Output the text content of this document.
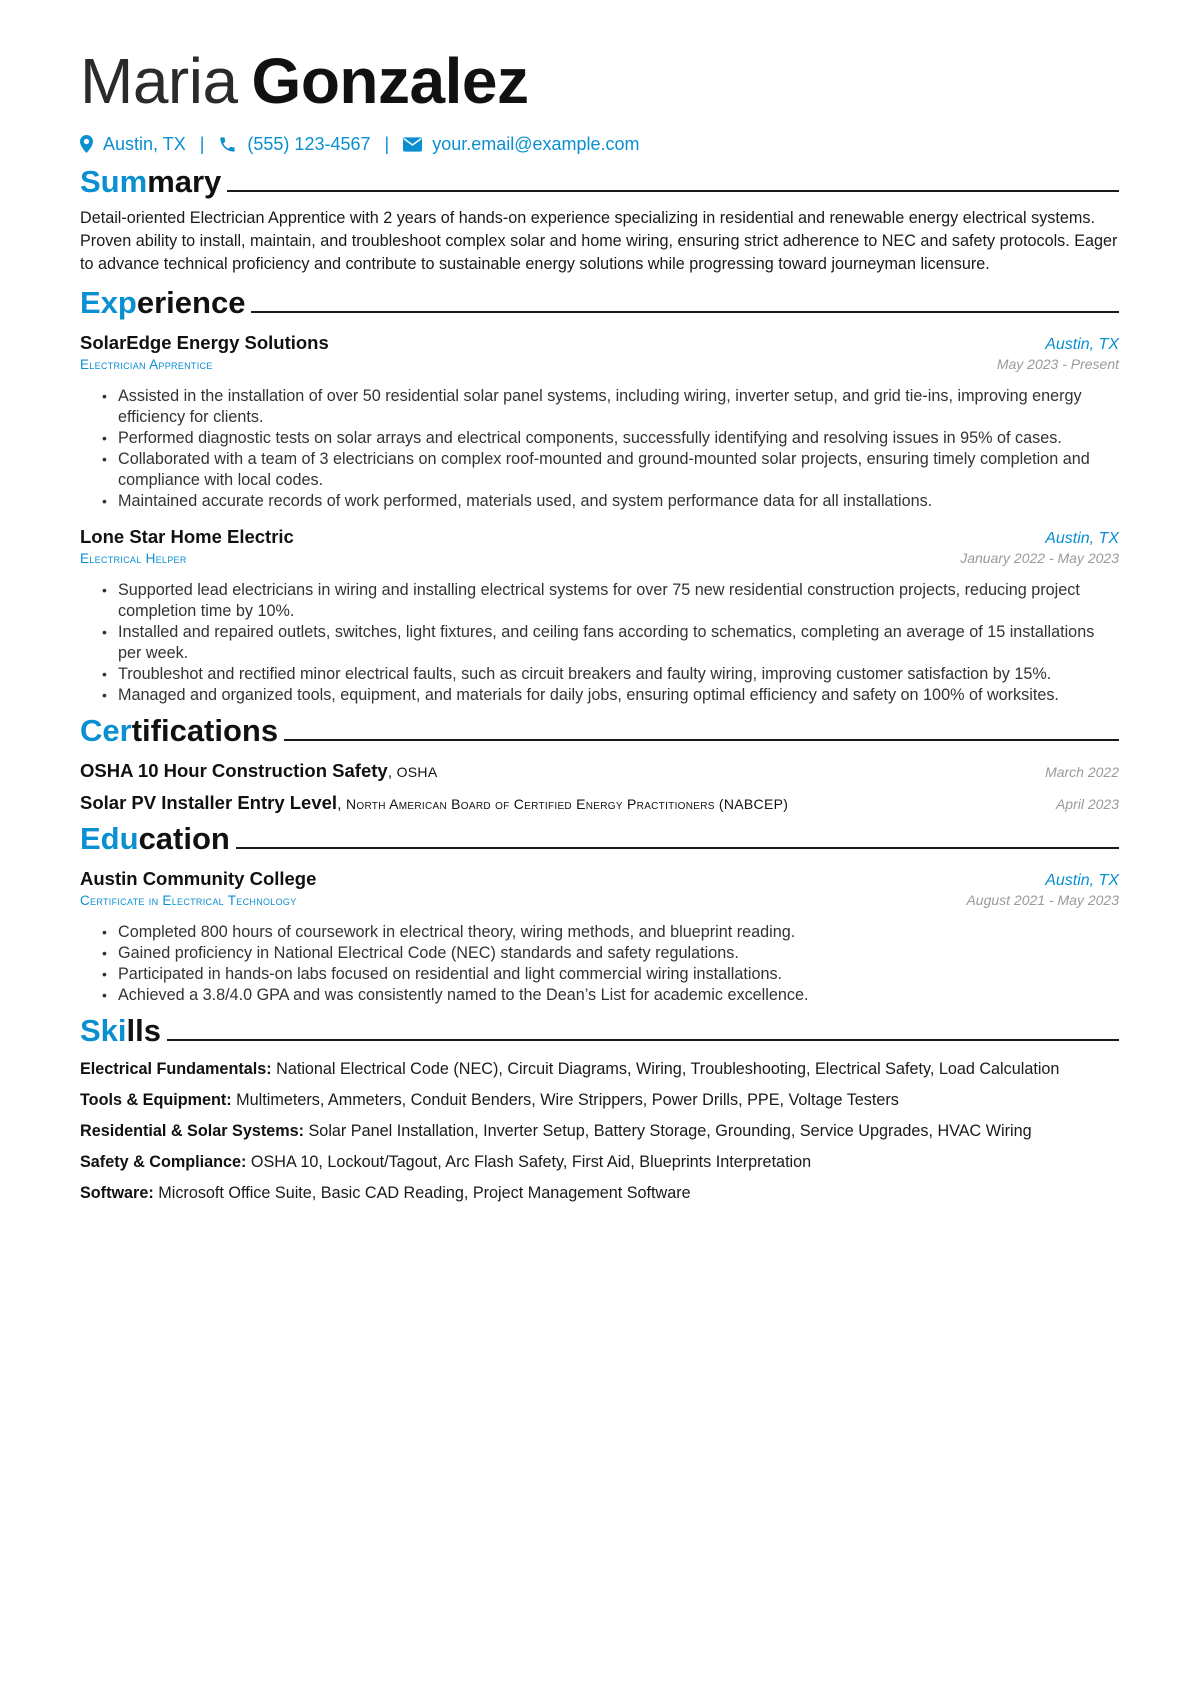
Maria Gonzalez
Austin, TX | (555) 123-4567 | your.email@example.com
Summary

Detail-oriented Electrician Apprentice with 2 years of hands-on experience specializing in residential and renewable energy electrical systems. Proven ability to install, maintain, and troubleshoot complex solar and home wiring, ensuring strict adherence to NEC and safety protocols. Eager to advance technical proficiency and contribute to sustainable energy solutions while progressing toward journeyman licensure.

Experience
SolarEdge Energy Solutions	Austin, TX
Electrician Apprentice	May 2023 - Present
• Assisted in the installation of over 50 residential solar panel systems, including wiring, inverter setup, and grid tie-ins, improving energy efficiency for clients.
• Performed diagnostic tests on solar arrays and electrical components, successfully identifying and resolving issues in 95% of cases.
• Collaborated with a team of 3 electricians on complex roof-mounted and ground-mounted solar projects, ensuring timely completion and compliance with local codes.
• Maintained accurate records of work performed, materials used, and system performance data for all installations.
Lone Star Home Electric	Austin, TX
Electrical Helper	January 2022 - May 2023
• Supported lead electricians in wiring and installing electrical systems for over 75 new residential construction projects, reducing project completion time by 10%.
• Installed and repaired outlets, switches, light fixtures, and ceiling fans according to schematics, completing an average of 15 installations per week.
• Troubleshot and rectified minor electrical faults, such as circuit breakers and faulty wiring, improving customer satisfaction by 15%.
• Managed and organized tools, equipment, and materials for daily jobs, ensuring optimal efficiency and safety on 100% of worksites.
Certifications
OSHA 10 Hour Construction Safety, OSHA	March 2022
Solar PV Installer Entry Level, North American Board of Certified Energy Practitioners (NABCEP)	April 2023
Education
Austin Community College	Austin, TX
Certificate in Electrical Technology	August 2021 - May 2023
• Completed 800 hours of coursework in electrical theory, wiring methods, and blueprint reading.
• Gained proficiency in National Electrical Code (NEC) standards and safety regulations.
• Participated in hands-on labs focused on residential and light commercial wiring installations.
• Achieved a 3.8/4.0 GPA and was consistently named to the Dean’s List for academic excellence.
Skills
Electrical Fundamentals: National Electrical Code (NEC), Circuit Diagrams, Wiring, Troubleshooting, Electrical Safety, Load Calculation
Tools & Equipment: Multimeters, Ammeters, Conduit Benders, Wire Strippers, Power Drills, PPE, Voltage Testers
Residential & Solar Systems: Solar Panel Installation, Inverter Setup, Battery Storage, Grounding, Service Upgrades, HVAC Wiring
Safety & Compliance: OSHA 10, Lockout/Tagout, Arc Flash Safety, First Aid, Blueprints Interpretation
Software: Microsoft Office Suite, Basic CAD Reading, Project Management Software
